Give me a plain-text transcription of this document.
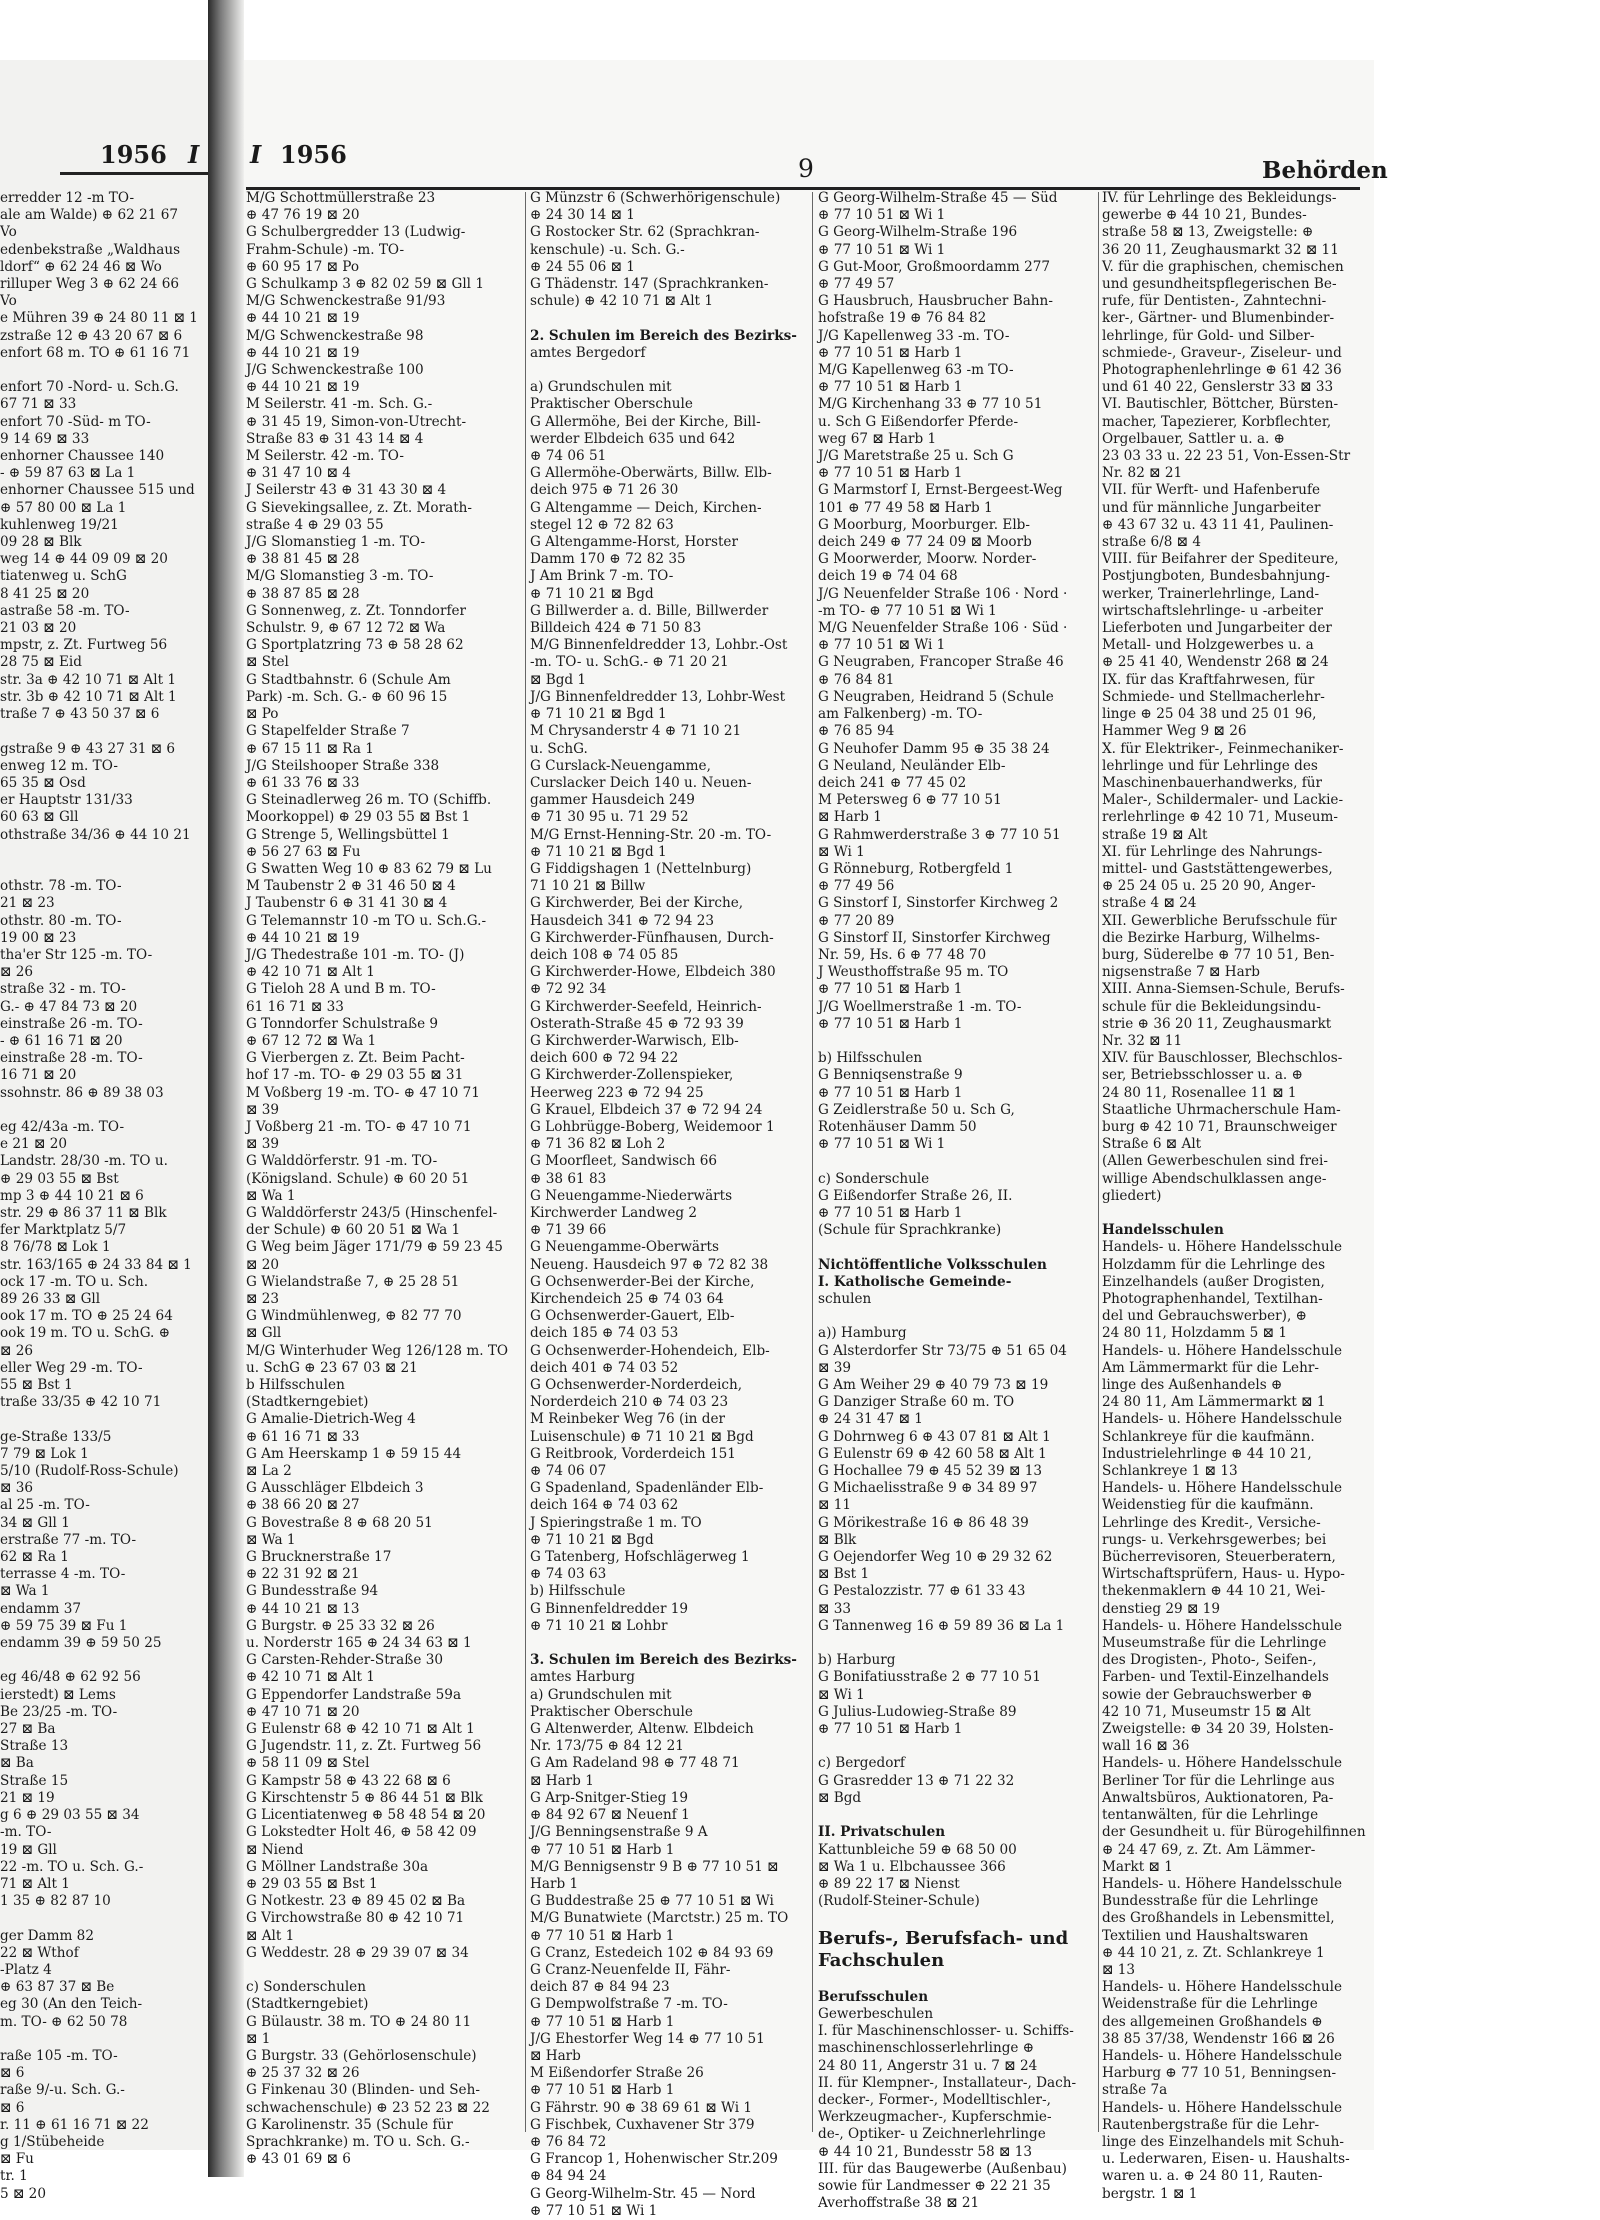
1956 I I 1956	9	Behörden
erredder 12 -m TO-
ale am Walde) ⊕ 62 21 67
Vo
edenbekstraße „Waldhaus
ldorf“ ⊕ 62 24 46 ⊠ Wo
rilluper Weg 3 ⊕ 62 24 66
Vo
e Mühren 39 ⊕ 24 80 11 ⊠ 1
zstraße 12 ⊕ 43 20 67 ⊠ 6
enfort 68 m. TO ⊕ 61 16 71

enfort 70 -Nord- u. Sch.G.
67 71 ⊠ 33
enfort 70 -Süd- m TO-
9 14 69 ⊠ 33
enhorner Chaussee 140
- ⊕ 59 87 63 ⊠ La 1
enhorner Chaussee 515 und
⊕ 57 80 00 ⊠ La 1
kuhlenweg 19/21
09 28 ⊠ Blk
weg 14 ⊕ 44 09 09 ⊠ 20
tiatenweg u. SchG
8 41 25 ⊠ 20
astraße 58 -m. TO-
21 03 ⊠ 20
mpstr, z. Zt. Furtweg 56
28 75 ⊠ Eid
str. 3a ⊕ 42 10 71 ⊠ Alt 1
str. 3b ⊕ 42 10 71 ⊠ Alt 1
traße 7 ⊕ 43 50 37 ⊠ 6

gstraße 9 ⊕ 43 27 31 ⊠ 6
enweg 12 m. TO-
65 35 ⊠ Osd
er Hauptstr 131/33
60 63 ⊠ Gll
othstraße 34/36 ⊕ 44 10 21

othstr. 78 -m. TO-
21 ⊠ 23
othstr. 80 -m. TO-
19 00 ⊠ 23
tha'er Str 125 -m. TO-
⊠ 26
straße 32 - m. TO-
G.- ⊕ 47 84 73 ⊠ 20
einstraße 26 -m. TO-
- ⊕ 61 16 71 ⊠ 20
einstraße 28 -m. TO-
16 71 ⊠ 20
ssohnstr. 86 ⊕ 89 38 03

eg 42/43a -m. TO-
e 21 ⊠ 20
Landstr. 28/30 -m. TO u.
⊕ 29 03 55 ⊠ Bst
mp 3 ⊕ 44 10 21 ⊠ 6
str. 29 ⊕ 86 37 11 ⊠ Blk
fer Marktplatz 5/7
8 76/78 ⊠ Lok 1
str. 163/165 ⊕ 24 33 84 ⊠ 1
ock 17 -m. TO u. Sch.
89 26 33 ⊠ Gll
ook 17 m. TO ⊕ 25 24 64
ook 19 m. TO u. SchG. ⊕
⊠ 26
eller Weg 29 -m. TO-
55 ⊠ Bst 1
traße 33/35 ⊕ 42 10 71

ge-Straße 133/5
7 79 ⊠ Lok 1
5/10 (Rudolf-Ross-Schule)
⊠ 36
al 25 -m. TO-
34 ⊠ Gll 1
erstraße 77 -m. TO-
62 ⊠ Ra 1
terrasse 4 -m. TO-
⊠ Wa 1
endamm 37
⊕ 59 75 39 ⊠ Fu 1
endamm 39 ⊕ 59 50 25

eg 46/48 ⊕ 62 92 56
ierstedt) ⊠ Lems
Be 23/25 -m. TO-
27 ⊠ Ba
Straße 13
⊠ Ba
Straße 15
21 ⊠ 19
g 6 ⊕ 29 03 55 ⊠ 34
-m. TO-
19 ⊠ Gll
22 -m. TO u. Sch. G.-
71 ⊠ Alt 1
1 35 ⊕ 82 87 10

ger Damm 82
22 ⊠ Wthof
-Platz 4
⊕ 63 87 37 ⊠ Be
eg 30 (An den Teich-
m. TO- ⊕ 62 50 78

raße 105 -m. TO-
⊠ 6
raße 9/-u. Sch. G.-
⊠ 6
r. 11 ⊕ 61 16 71 ⊠ 22
g 1/Stübeheide
⊠ Fu
tr. 1
5 ⊠ 20
M/G Schottmüllerstraße 23
⊕ 47 76 19 ⊠ 20
G Schulbergredder 13 (Ludwig-
Frahm-Schule) -m. TO-
⊕ 60 95 17 ⊠ Po
G Schulkamp 3 ⊕ 82 02 59 ⊠ Gll 1
M/G Schwenckestraße 91/93
⊕ 44 10 21 ⊠ 19
M/G Schwenckestraße 98
⊕ 44 10 21 ⊠ 19
J/G Schwenckestraße 100
⊕ 44 10 21 ⊠ 19
M Seilerstr. 41 -m. Sch. G.-
⊕ 31 45 19, Simon-von-Utrecht-
Straße 83 ⊕ 31 43 14 ⊠ 4
M Seilerstr. 42 -m. TO-
⊕ 31 47 10 ⊠ 4
J Seilerstr 43 ⊕ 31 43 30 ⊠ 4
G Sievekingsallee, z. Zt. Morath-
straße 4 ⊕ 29 03 55
J/G Slomanstieg 1 -m. TO-
⊕ 38 81 45 ⊠ 28
M/G Slomanstieg 3 -m. TO-
⊕ 38 87 85 ⊠ 28
G Sonnenweg, z. Zt. Tonndorfer
Schulstr. 9, ⊕ 67 12 72 ⊠ Wa
G Sportplatzring 73 ⊕ 58 28 62
⊠ Stel
G Stadtbahnstr. 6 (Schule Am
Park) -m. Sch. G.- ⊕ 60 96 15
⊠ Po
G Stapelfelder Straße 7
⊕ 67 15 11 ⊠ Ra 1
J/G Steilshooper Straße 338
⊕ 61 33 76 ⊠ 33
G Steinadlerweg 26 m. TO (Schiffb.
Moorkoppel) ⊕ 29 03 55 ⊠ Bst 1
G Strenge 5, Wellingsbüttel 1
⊕ 56 27 63 ⊠ Fu
G Swatten Weg 10 ⊕ 83 62 79 ⊠ Lu
M Taubenstr 2 ⊕ 31 46 50 ⊠ 4
J Taubenstr 6 ⊕ 31 41 30 ⊠ 4
G Telemannstr 10 -m TO u. Sch.G.-
⊕ 44 10 21 ⊠ 19
J/G Thedestraße 101 -m. TO- (J)
⊕ 42 10 71 ⊠ Alt 1
G Tieloh 28 A und B m. TO-
61 16 71 ⊠ 33
G Tonndorfer Schulstraße 9
⊕ 67 12 72 ⊠ Wa 1
G Vierbergen z. Zt. Beim Pacht-
hof 17 -m. TO- ⊕ 29 03 55 ⊠ 31
M Voßberg 19 -m. TO- ⊕ 47 10 71
⊠ 39
J Voßberg 21 -m. TO- ⊕ 47 10 71
⊠ 39
G Walddörferstr. 91 -m. TO-
(Königsland. Schule) ⊕ 60 20 51
⊠ Wa 1
G Walddörferstr 243/5 (Hinschenfel-
der Schule) ⊕ 60 20 51 ⊠ Wa 1
G Weg beim Jäger 171/79 ⊕ 59 23 45
⊠ 20
G Wielandstraße 7, ⊕ 25 28 51
⊠ 23
G Windmühlenweg, ⊕ 82 77 70
⊠ Gll
M/G Winterhuder Weg 126/128 m. TO
u. SchG ⊕ 23 67 03 ⊠ 21
b Hilfsschulen
(Stadtkerngebiet)
G Amalie-Dietrich-Weg 4
⊕ 61 16 71 ⊠ 33
G Am Heerskamp 1 ⊕ 59 15 44
⊠ La 2
G Ausschläger Elbdeich 3
⊕ 38 66 20 ⊠ 27
G Bovestraße 8 ⊕ 68 20 51
⊠ Wa 1
G Brucknerstraße 17
⊕ 22 31 92 ⊠ 21
G Bundesstraße 94
⊕ 44 10 21 ⊠ 13
G Burgstr. ⊕ 25 33 32 ⊠ 26
u. Norderstr 165 ⊕ 24 34 63 ⊠ 1
G Carsten-Rehder-Straße 30
⊕ 42 10 71 ⊠ Alt 1
G Eppendorfer Landstraße 59a
⊕ 47 10 71 ⊠ 20
G Eulenstr 68 ⊕ 42 10 71 ⊠ Alt 1
G Jugendstr. 11, z. Zt. Furtweg 56
⊕ 58 11 09 ⊠ Stel
G Kampstr 58 ⊕ 43 22 68 ⊠ 6
G Kirschtenstr 5 ⊕ 86 44 51 ⊠ Blk
G Licentiatenweg ⊕ 58 48 54 ⊠ 20
G Lokstedter Holt 46, ⊕ 58 42 09
⊠ Niend
G Möllner Landstraße 30a
⊕ 29 03 55 ⊠ Bst 1
G Notkestr. 23 ⊕ 89 45 02 ⊠ Ba
G Virchowstraße 80 ⊕ 42 10 71
⊠ Alt 1
G Weddestr. 28 ⊕ 29 39 07 ⊠ 34

c) Sonderschulen
(Stadtkerngebiet)
G Bülaustr. 38 m. TO ⊕ 24 80 11
⊠ 1
G Burgstr. 33 (Gehörlosenschule)
⊕ 25 37 32 ⊠ 26
G Finkenau 30 (Blinden- und Seh-
schwachenschule) ⊕ 23 52 23 ⊠ 22
G Karolinenstr. 35 (Schule für
Sprachkranke) m. TO u. Sch. G.-
⊕ 43 01 69 ⊠ 6
G Münzstr 6 (Schwerhörigenschule)
⊕ 24 30 14 ⊠ 1
G Rostocker Str. 62 (Sprachkran-
kenschule) -u. Sch. G.-
⊕ 24 55 06 ⊠ 1
G Thädenstr. 147 (Sprachkranken-
schule) ⊕ 42 10 71 ⊠ Alt 1

2. Schulen im Bereich des Bezirks-
amtes Bergedorf

a) Grundschulen mit
Praktischer Oberschule
G Allermöhe, Bei der Kirche, Bill-
werder Elbdeich 635 und 642
⊕ 74 06 51
G Allermöhe-Oberwärts, Billw. Elb-
deich 975 ⊕ 71 26 30
G Altengamme — Deich, Kirchen-
stegel 12 ⊕ 72 82 63
G Altengamme-Horst, Horster
Damm 170 ⊕ 72 82 35
J Am Brink 7 -m. TO-
⊕ 71 10 21 ⊠ Bgd
G Billwerder a. d. Bille, Billwerder
Billdeich 424 ⊕ 71 50 83
M/G Binnenfeldredder 13, Lohbr.-Ost
-m. TO- u. SchG.- ⊕ 71 20 21
⊠ Bgd 1
J/G Binnenfeldredder 13, Lohbr-West
⊕ 71 10 21 ⊠ Bgd 1
M Chrysanderstr 4 ⊕ 71 10 21
u. SchG.
G Curslack-Neuengamme,
Curslacker Deich 140 u. Neuen-
gammer Hausdeich 249
⊕ 71 30 95 u. 71 29 52
M/G Ernst-Henning-Str. 20 -m. TO-
⊕ 71 10 21 ⊠ Bgd 1
G Fiddigshagen 1 (Nettelnburg)
71 10 21 ⊠ Billw
G Kirchwerder, Bei der Kirche,
Hausdeich 341 ⊕ 72 94 23
G Kirchwerder-Fünfhausen, Durch-
deich 108 ⊕ 74 05 85
G Kirchwerder-Howe, Elbdeich 380
⊕ 72 92 34
G Kirchwerder-Seefeld, Heinrich-
Osterath-Straße 45 ⊕ 72 93 39
G Kirchwerder-Warwisch, Elb-
deich 600 ⊕ 72 94 22
G Kirchwerder-Zollenspieker,
Heerweg 223 ⊕ 72 94 25
G Krauel, Elbdeich 37 ⊕ 72 94 24
G Lohbrügge-Boberg, Weidemoor 1
⊕ 71 36 82 ⊠ Loh 2
G Moorfleet, Sandwisch 66
⊕ 38 61 83
G Neuengamme-Niederwärts
Kirchwerder Landweg 2
⊕ 71 39 66
G Neuengamme-Oberwärts
Neueng. Hausdeich 97 ⊕ 72 82 38
G Ochsenwerder-Bei der Kirche,
Kirchendeich 25 ⊕ 74 03 64
G Ochsenwerder-Gauert, Elb-
deich 185 ⊕ 74 03 53
G Ochsenwerder-Hohendeich, Elb-
deich 401 ⊕ 74 03 52
G Ochsenwerder-Norderdeich,
Norderdeich 210 ⊕ 74 03 23
M Reinbeker Weg 76 (in der
Luisenschule) ⊕ 71 10 21 ⊠ Bgd
G Reitbrook, Vorderdeich 151
⊕ 74 06 07
G Spadenland, Spadenländer Elb-
deich 164 ⊕ 74 03 62
J Spieringstraße 1 m. TO
⊕ 71 10 21 ⊠ Bgd
G Tatenberg, Hofschlägerweg 1
⊕ 74 03 63
b) Hilfsschule
G Binnenfeldredder 19
⊕ 71 10 21 ⊠ Lohbr

3. Schulen im Bereich des Bezirks-
amtes Harburg
a) Grundschulen mit
Praktischer Oberschule
G Altenwerder, Altenw. Elbdeich
Nr. 173/75 ⊕ 84 12 21
G Am Radeland 98 ⊕ 77 48 71
⊠ Harb 1
G Arp-Snitger-Stieg 19
⊕ 84 92 67 ⊠ Neuenf 1
J/G Benningsenstraße 9 A
⊕ 77 10 51 ⊠ Harb 1
M/G Bennigsenstr 9 B ⊕ 77 10 51 ⊠
Harb 1
G Buddestraße 25 ⊕ 77 10 51 ⊠ Wi
M/G Bunatwiete (Marctstr.) 25 m. TO
⊕ 77 10 51 ⊠ Harb 1
G Cranz, Estedeich 102 ⊕ 84 93 69
G Cranz-Neuenfelde II, Fähr-
deich 87 ⊕ 84 94 23
G Dempwolfstraße 7 -m. TO-
⊕ 77 10 51 ⊠ Harb 1
J/G Ehestorfer Weg 14 ⊕ 77 10 51
⊠ Harb
M Eißendorfer Straße 26
⊕ 77 10 51 ⊠ Harb 1
G Fährstr. 90 ⊕ 38 69 61 ⊠ Wi 1
G Fischbek, Cuxhavener Str 379
⊕ 76 84 72
G Francop 1, Hohenwischer Str.209
⊕ 84 94 24
G Georg-Wilhelm-Str. 45 — Nord
⊕ 77 10 51 ⊠ Wi 1
G Georg-Wilhelm-Straße 45 — Süd
⊕ 77 10 51 ⊠ Wi 1
G Georg-Wilhelm-Straße 196
⊕ 77 10 51 ⊠ Wi 1
G Gut-Moor, Großmoordamm 277
⊕ 77 49 57
G Hausbruch, Hausbrucher Bahn-
hofstraße 19 ⊕ 76 84 82
J/G Kapellenweg 33 -m. TO-
⊕ 77 10 51 ⊠ Harb 1
M/G Kapellenweg 63 -m TO-
⊕ 77 10 51 ⊠ Harb 1
M/G Kirchenhang 33 ⊕ 77 10 51
u. Sch G Eißendorfer Pferde-
weg 67 ⊠ Harb 1
J/G Maretstraße 25 u. Sch G
⊕ 77 10 51 ⊠ Harb 1
G Marmstorf I, Ernst-Bergeest-Weg
101 ⊕ 77 49 58 ⊠ Harb 1
G Moorburg, Moorburger. Elb-
deich 249 ⊕ 77 24 09 ⊠ Moorb
G Moorwerder, Moorw. Norder-
deich 19 ⊕ 74 04 68
J/G Neuenfelder Straße 106 · Nord ·
-m TO- ⊕ 77 10 51 ⊠ Wi 1
M/G Neuenfelder Straße 106 · Süd ·
⊕ 77 10 51 ⊠ Wi 1
G Neugraben, Francoper Straße 46
⊕ 76 84 81
G Neugraben, Heidrand 5 (Schule
am Falkenberg) -m. TO-
⊕ 76 85 94
G Neuhofer Damm 95 ⊕ 35 38 24
G Neuland, Neuländer Elb-
deich 241 ⊕ 77 45 02
M Petersweg 6 ⊕ 77 10 51
⊠ Harb 1
G Rahmwerderstraße 3 ⊕ 77 10 51
⊠ Wi 1
G Rönneburg, Rotbergfeld 1
⊕ 77 49 56
G Sinstorf I, Sinstorfer Kirchweg 2
⊕ 77 20 89
G Sinstorf II, Sinstorfer Kirchweg
Nr. 59, Hs. 6 ⊕ 77 48 70
J Weusthoffstraße 95 m. TO
⊕ 77 10 51 ⊠ Harb 1
J/G Woellmerstraße 1 -m. TO-
⊕ 77 10 51 ⊠ Harb 1

b) Hilfsschulen
G Benniqsenstraße 9
⊕ 77 10 51 ⊠ Harb 1
G Zeidlerstraße 50 u. Sch G,
Rotenhäuser Damm 50
⊕ 77 10 51 ⊠ Wi 1

c) Sonderschule
G Eißendorfer Straße 26, II.
⊕ 77 10 51 ⊠ Harb 1
(Schule für Sprachkranke)

Nichtöffentliche Volksschulen
I. Katholische Gemeinde-
schulen

a)) Hamburg
G Alsterdorfer Str 73/75 ⊕ 51 65 04
⊠ 39
G Am Weiher 29 ⊕ 40 79 73 ⊠ 19
G Danziger Straße 60 m. TO
⊕ 24 31 47 ⊠ 1
G Dohrnweg 6 ⊕ 43 07 81 ⊠ Alt 1
G Eulenstr 69 ⊕ 42 60 58 ⊠ Alt 1
G Hochallee 79 ⊕ 45 52 39 ⊠ 13
G Michaelisstraße 9 ⊕ 34 89 97
⊠ 11
G Mörikestraße 16 ⊕ 86 48 39
⊠ Blk
G Oejendorfer Weg 10 ⊕ 29 32 62
⊠ Bst 1
G Pestalozzistr. 77 ⊕ 61 33 43
⊠ 33
G Tannenweg 16 ⊕ 59 89 36 ⊠ La 1

b) Harburg
G Bonifatiusstraße 2 ⊕ 77 10 51
⊠ Wi 1
G Julius-Ludowieg-Straße 89
⊕ 77 10 51 ⊠ Harb 1

c) Bergedorf
G Grasredder 13 ⊕ 71 22 32
⊠ Bgd

II. Privatschulen
Kattunbleiche 59 ⊕ 68 50 00
⊠ Wa 1 u. Elbchaussee 366
⊕ 89 22 17 ⊠ Nienst
(Rudolf-Steiner-Schule)

Berufs-, Berufsfach- und
Fachschulen

Berufsschulen
Gewerbeschulen
I. für Maschinenschlosser- u. Schiffs-
maschinenschlosserlehrlinge ⊕
24 80 11, Angerstr 31 u. 7 ⊠ 24
II. für Klempner-, Installateur-, Dach-
decker-, Former-, Modelltischler-,
Werkzeugmacher-, Kupferschmie-
de-, Optiker- u Zeichnerlehrlinge
⊕ 44 10 21, Bundesstr 58 ⊠ 13
III. für das Baugewerbe (Außenbau)
sowie für Landmesser ⊕ 22 21 35
Averhoffstraße 38 ⊠ 21
IV. für Lehrlinge des Bekleidungs-
gewerbe ⊕ 44 10 21, Bundes-
straße 58 ⊠ 13, Zweigstelle: ⊕
36 20 11, Zeughausmarkt 32 ⊠ 11
V. für die graphischen, chemischen
und gesundheitspflegerischen Be-
rufe, für Dentisten-, Zahntechni-
ker-, Gärtner- und Blumenbinder-
lehrlinge, für Gold- und Silber-
schmiede-, Graveur-, Ziseleur- und
Photographenlehrlinge ⊕ 61 42 36
und 61 40 22, Genslerstr 33 ⊠ 33
VI. Bautischler, Böttcher, Bürsten-
macher, Tapezierer, Korbflechter,
Orgelbauer, Sattler u. a. ⊕
23 03 33 u. 22 23 51, Von-Essen-Str
Nr. 82 ⊠ 21
VII. für Werft- und Hafenberufe
und für männliche Jungarbeiter
⊕ 43 67 32 u. 43 11 41, Paulinen-
straße 6/8 ⊠ 4
VIII. für Beifahrer der Spediteure,
Postjungboten, Bundesbahnjung-
werker, Trainerlehrlinge, Land-
wirtschaftslehrlinge- u -arbeiter
Lieferboten und Jungarbeiter der
Metall- und Holzgewerbes u. a
⊕ 25 41 40, Wendenstr 268 ⊠ 24
IX. für das Kraftfahrwesen, für
Schmiede- und Stellmacherlehr-
linge ⊕ 25 04 38 und 25 01 96,
Hammer Weg 9 ⊠ 26
X. für Elektriker-, Feinmechaniker-
lehrlinge und für Lehrlinge des
Maschinenbauerhandwerks, für
Maler-, Schildermaler- und Lackie-
rerlehrlinge ⊕ 42 10 71, Museum-
straße 19 ⊠ Alt
XI. für Lehrlinge des Nahrungs-
mittel- und Gaststättengewerbes,
⊕ 25 24 05 u. 25 20 90, Anger-
straße 4 ⊠ 24
XII. Gewerbliche Berufsschule für
die Bezirke Harburg, Wilhelms-
burg, Süderelbe ⊕ 77 10 51, Ben-
nigsenstraße 7 ⊠ Harb
XIII. Anna-Siemsen-Schule, Berufs-
schule für die Bekleidungsindu-
strie ⊕ 36 20 11, Zeughausmarkt
Nr. 32 ⊠ 11
XIV. für Bauschlosser, Blechschlos-
ser, Betriebsschlosser u. a. ⊕
24 80 11, Rosenallee 11 ⊠ 1
Staatliche Uhrmacherschule Ham-
burg ⊕ 42 10 71, Braunschweiger
Straße 6 ⊠ Alt
(Allen Gewerbeschulen sind frei-
willige Abendschulklassen ange-
gliedert)

Handelsschulen
Handels- u. Höhere Handelsschule
Holzdamm für die Lehrlinge des
Einzelhandels (außer Drogisten,
Photographenhandel, Textilhan-
del und Gebrauchswerber), ⊕
24 80 11, Holzdamm 5 ⊠ 1
Handels- u. Höhere Handelsschule
Am Lämmermarkt für die Lehr-
linge des Außenhandels ⊕
24 80 11, Am Lämmermarkt ⊠ 1
Handels- u. Höhere Handelsschule
Schlankreye für die kaufmänn.
Industrielehrlinge ⊕ 44 10 21,
Schlankreye 1 ⊠ 13
Handels- u. Höhere Handelsschule
Weidenstieg für die kaufmänn.
Lehrlinge des Kredit-, Versiche-
rungs- u. Verkehrsgewerbes; bei
Bücherrevisoren, Steuerberatern,
Wirtschaftsprüfern, Haus- u. Hypo-
thekenmaklern ⊕ 44 10 21, Wei-
denstieg 29 ⊠ 19
Handels- u. Höhere Handelsschule
Museumstraße für die Lehrlinge
des Drogisten-, Photo-, Seifen-,
Farben- und Textil-Einzelhandels
sowie der Gebrauchswerber ⊕
42 10 71, Museumstr 15 ⊠ Alt
Zweigstelle: ⊕ 34 20 39, Holsten-
wall 16 ⊠ 36
Handels- u. Höhere Handelsschule
Berliner Tor für die Lehrlinge aus
Anwaltsbüros, Auktionatoren, Pa-
tentanwälten, für die Lehrlinge
der Gesundheit u. für Bürogehilfinnen
⊕ 24 47 69, z. Zt. Am Lämmer-
Markt ⊠ 1
Handels- u. Höhere Handelsschule
Bundesstraße für die Lehrlinge
des Großhandels in Lebensmittel,
Textilien und Haushaltswaren
⊕ 44 10 21, z. Zt. Schlankreye 1
⊠ 13
Handels- u. Höhere Handelsschule
Weidenstraße für die Lehrlinge
des allgemeinen Großhandels ⊕
38 85 37/38, Wendenstr 166 ⊠ 26
Handels- u. Höhere Handelsschule
Harburg ⊕ 77 10 51, Benningsen-
straße 7a
Handels- u. Höhere Handelsschule
Rautenbergstraße für die Lehr-
linge des Einzelhandels mit Schuh-
u. Lederwaren, Eisen- u. Haushalts-
waren u. a. ⊕ 24 80 11, Rauten-
bergstr. 1 ⊠ 1
